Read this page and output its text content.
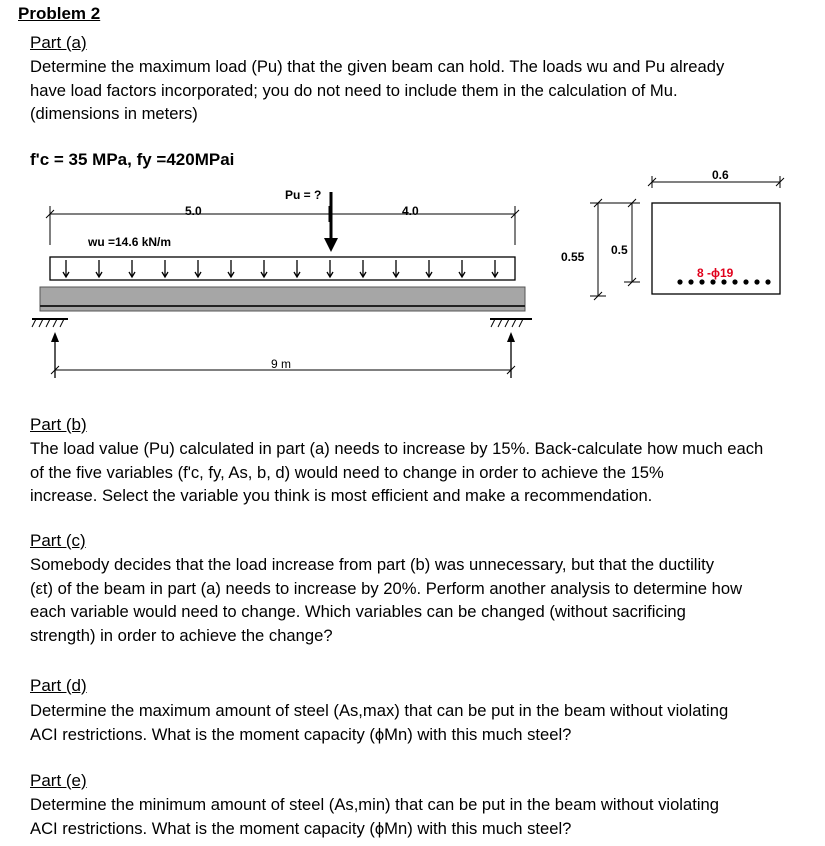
Problem 2
Part (a)
Determine the maximum load (Pu) that the given beam can hold. The loads wu and Pu already
have load factors incorporated; you do not need to include them in the calculation of Mu.
(dimensions in meters)
f'c = 35 MPa, fy =420MPai
5.0	4.0
Pu = ?
wu =14.6 kN/m
9 m
0.6
0.55 0.5
8 -ϕ19
Part (b)
The load value (Pu) calculated in part (a) needs to increase by 15%. Back-calculate how much each
of the five variables (f'c, fy, As, b, d) would need to change in order to achieve the 15%
increase. Select the variable you think is most efficient and make a recommendation.
Part (c)
Somebody decides that the load increase from part (b) was unnecessary, but that the ductility
(εt) of the beam in part (a) needs to increase by 20%. Perform another analysis to determine how
each variable would need to change. Which variables can be changed (without sacrificing
strength) in order to achieve the change?
Part (d)
Determine the maximum amount of steel (As,max) that can be put in the beam without violating
ACI restrictions. What is the moment capacity (ϕMn) with this much steel?
Part (e)
Determine the minimum amount of steel (As,min) that can be put in the beam without violating
ACI restrictions. What is the moment capacity (ϕMn) with this much steel?
